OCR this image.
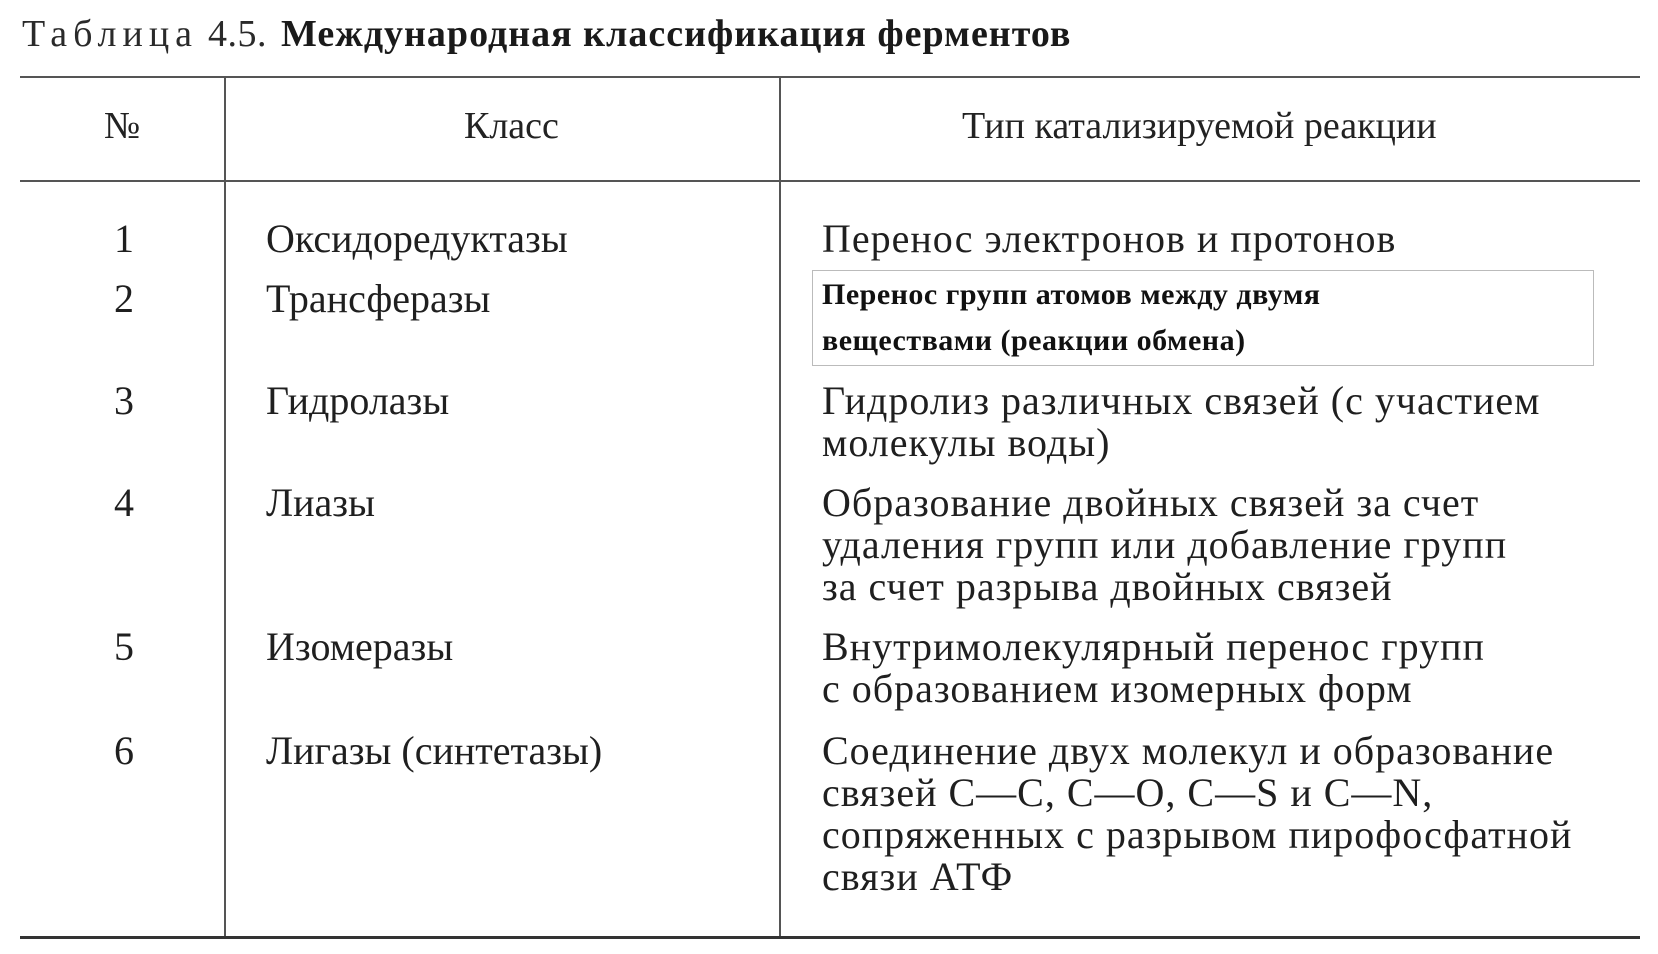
Таблица 4.5. Международная классификация ферментов
№	Класс	Тип катализируемой реакции
1	Оксидоредуктазы	Перенос электронов и протонов
2	Трансферазы	Перенос групп атомов между двумя
веществами (реакции обмена)
3	Гидролазы	Гидролиз различных связей (с участием
молекулы воды)
4	Лиазы	Образование двойных связей за счет
удаления групп или добавление групп
за счет разрыва двойных связей
5	Изомеразы	Внутримолекулярный перенос групп
с образованием изомерных форм
6	Лигазы (синтетазы)	Соединение двух молекул и образование
связей С—С, С—О, С—S и С—N,
сопряженных с разрывом пирофосфатной
связи АТФ
